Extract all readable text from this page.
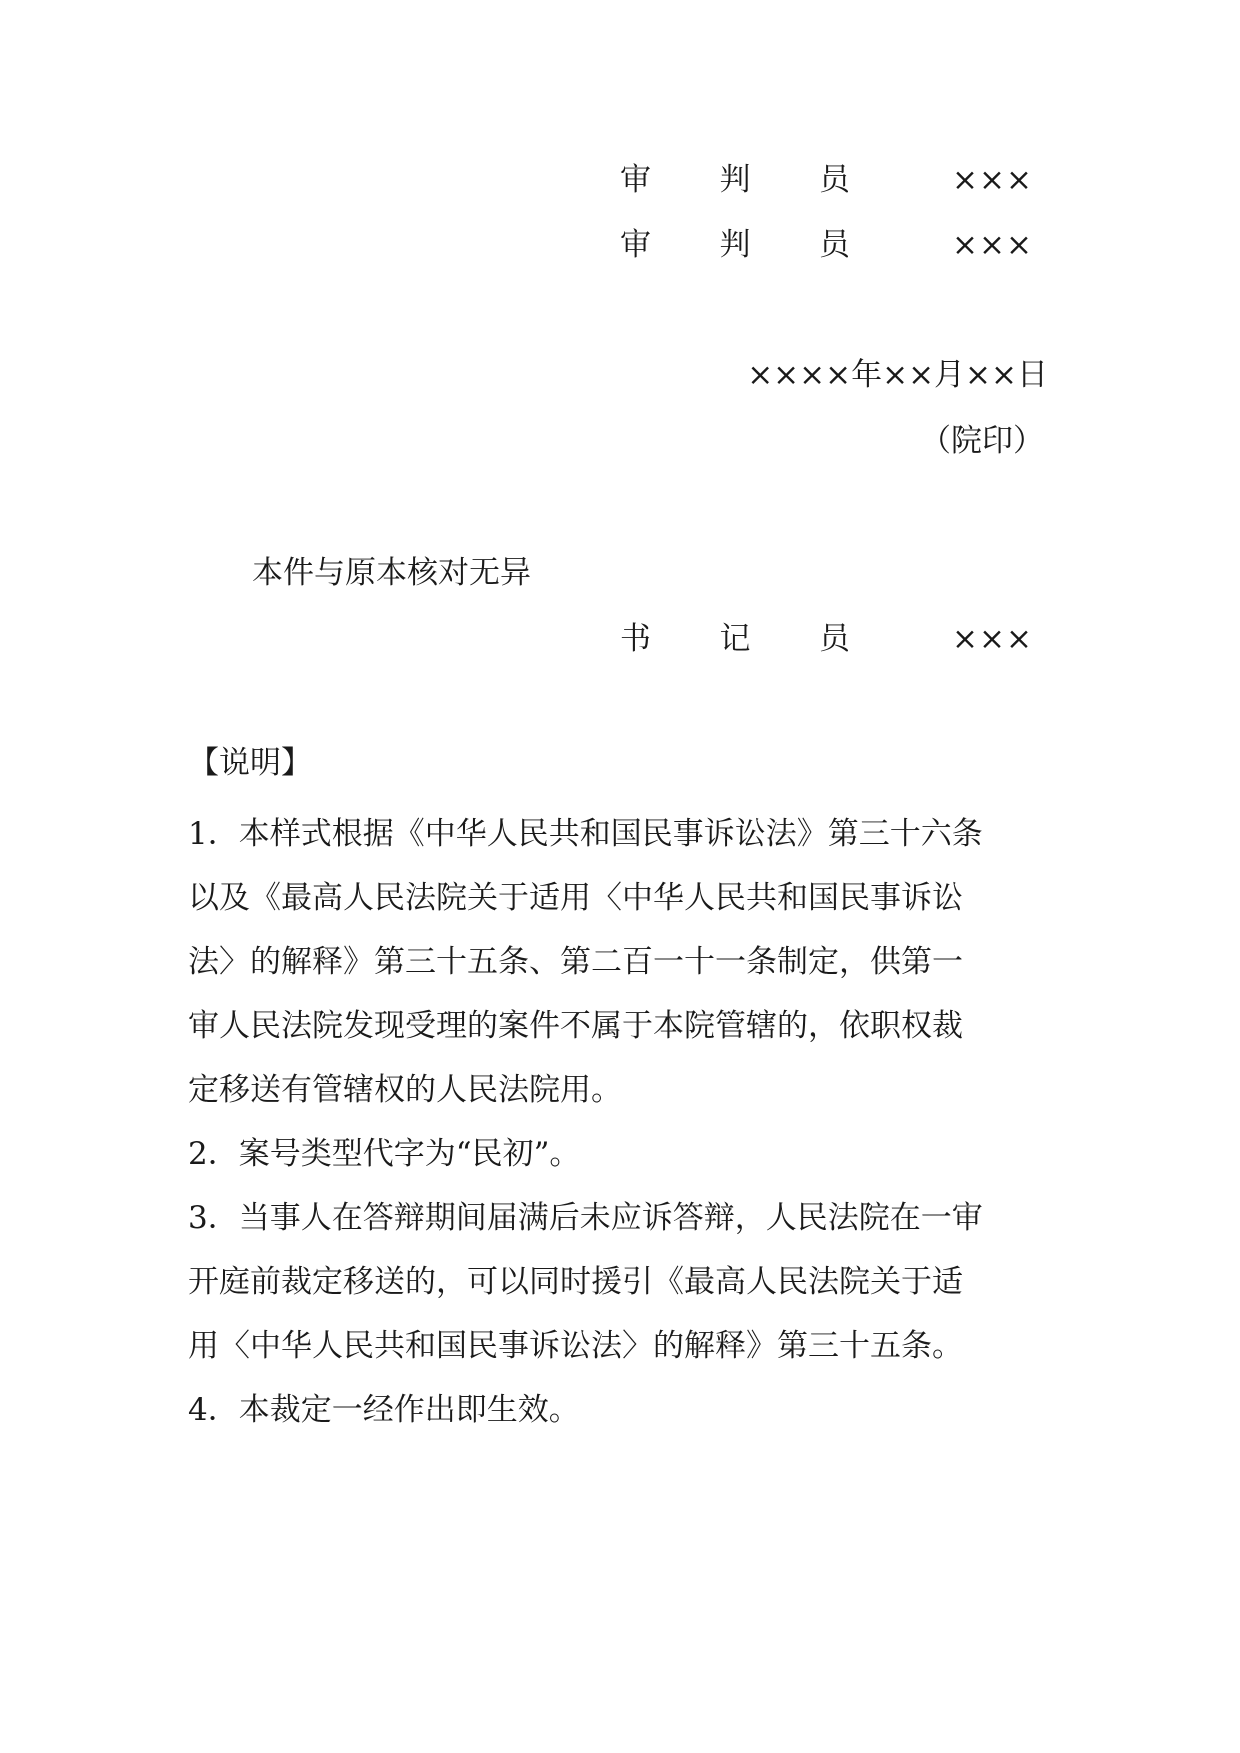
审 判 员	×××
审 判 员	×××
××××年××月××日
（院印）
本件与原本核对无异
书 记 员	×××
【说明】

1．本样式根据《中华人民共和国民事诉讼法》第三十六条

以及《最高人民法院关于适用〈中华人民共和国民事诉讼

法〉的解释》第三十五条、第二百一十一条制定，供第一

审人民法院发现受理的案件不属于本院管辖的，依职权裁

定移送有管辖权的人民法院用。

2．案号类型代字为“民初”。

3．当事人在答辩期间届满后未应诉答辩，人民法院在一审

开庭前裁定移送的，可以同时援引《最高人民法院关于适

用〈中华人民共和国民事诉讼法〉的解释》第三十五条。

4．本裁定一经作出即生效。
